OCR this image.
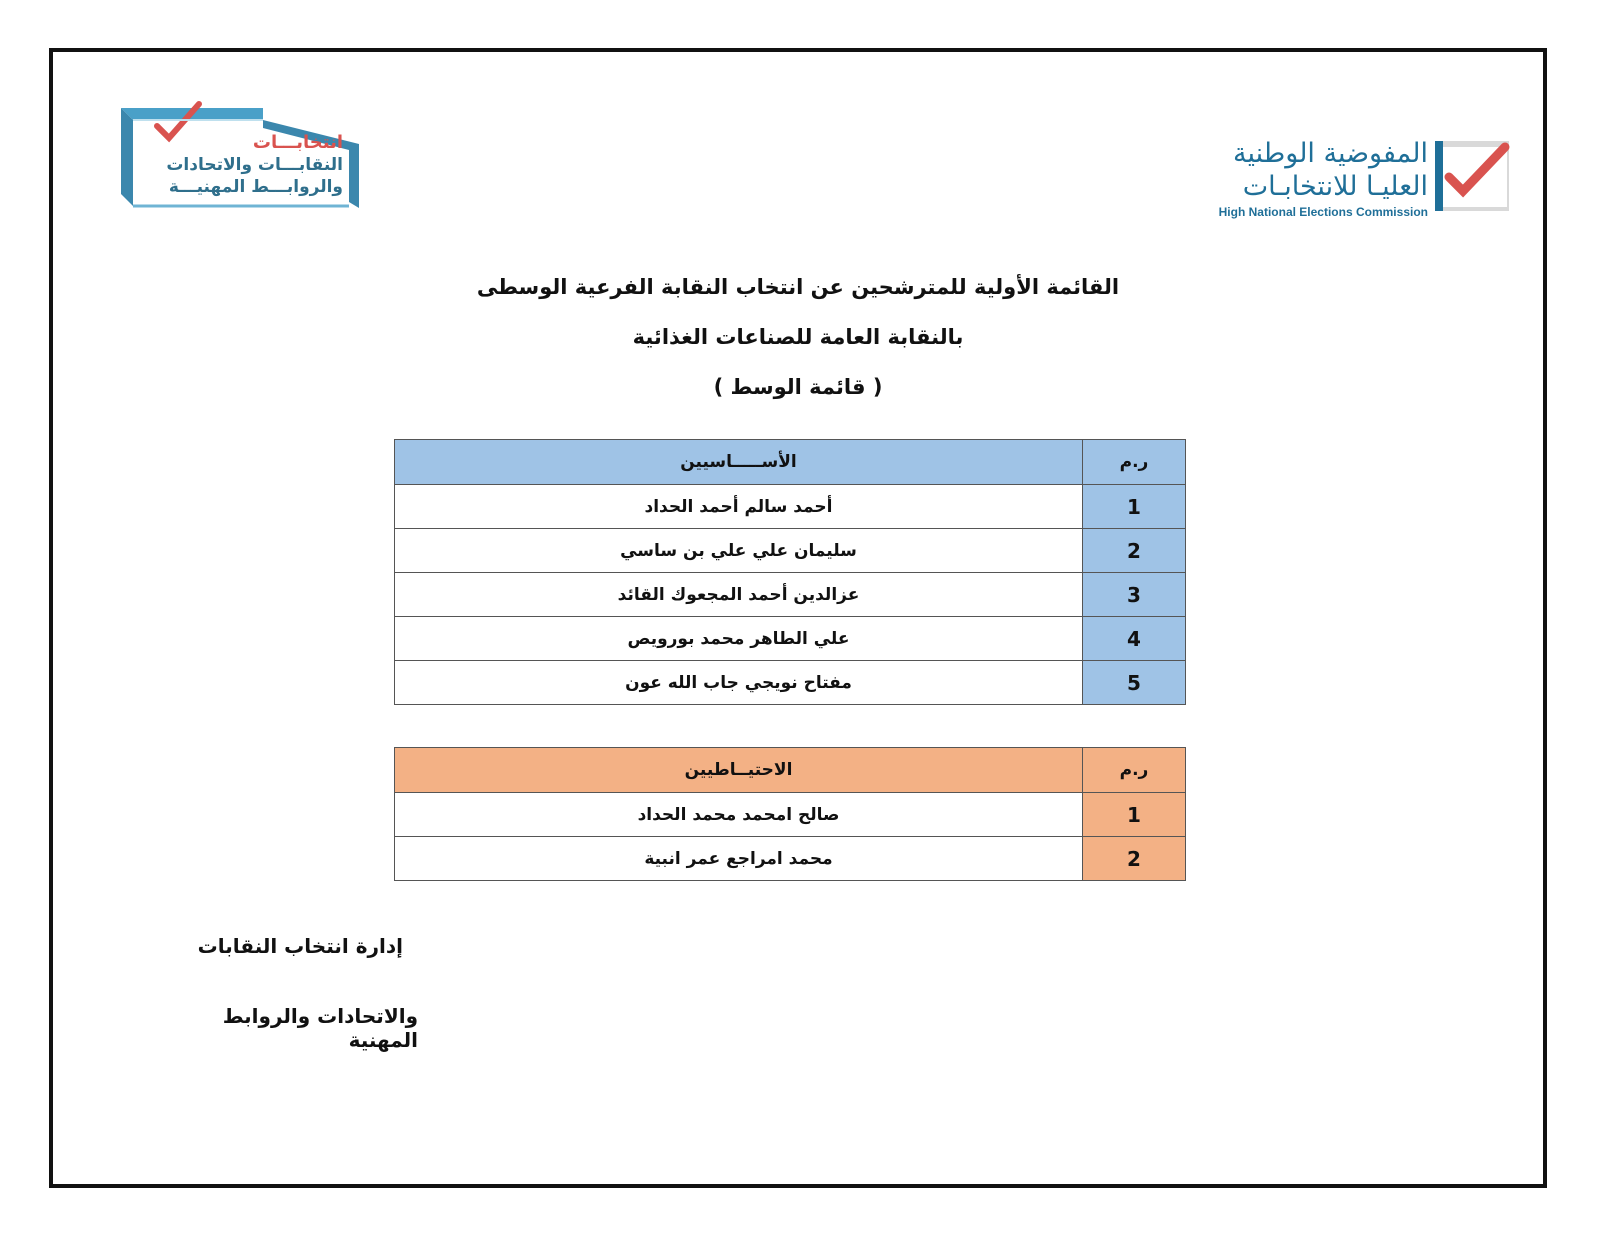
انتخابـــات
النقابـــات والاتحادات
والروابـــط المهنيـــة
المفوضية الوطنية
العليـا للانتخابـات
High National Elections Commission
القائمة الأولية للمترشحين عن انتخاب النقابة الفرعية الوسطى
بالنقابة العامة للصناعات الغذائية
( قائمة الوسط )
ر.م	الأســـــاسيين
1	أحمد سالم أحمد الحداد
2	سليمان علي علي بن ساسي
3	عزالدين أحمد المجعوك القائد
4	علي الطاهر محمد بورويص
5	مفتاح نويجي جاب الله عون
ر.م	الاحتيــاطيين
1	صالح امحمد محمد الحداد
2	محمد امراجع عمر انبية
إدارة انتخاب النقابات
والاتحادات والروابط المهنية
